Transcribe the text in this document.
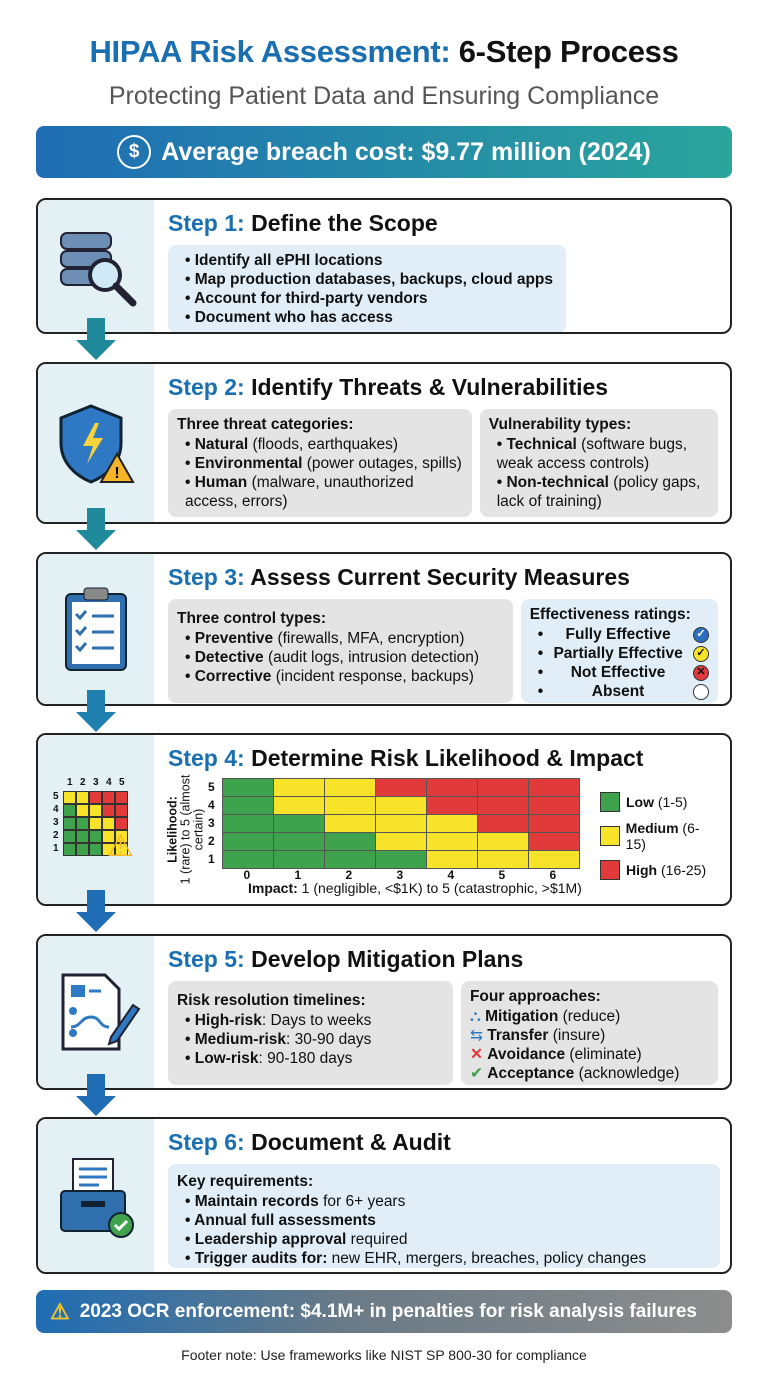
HIPAA Risk Assessment: 6-Step Process
Protecting Patient Data and Ensuring Compliance
$ Average breach cost: $9.77 million (2024)
Step 1: Define the Scope
• Identify all ePHI locations
• Map production databases, backups, cloud apps
• Account for third-party vendors
• Document who has access
!
Step 2: Identify Threats & Vulnerabilities
Three threat categories:
• Natural (floods, earthquakes)
• Environmental (power outages, spills)
• Human (malware, unauthorized access, errors)
Vulnerability types:
• Technical (software bugs, weak access controls)
• Non-technical (policy gaps, lack of training)
Step 3: Assess Current Security Measures
Three control types:
• Preventive (firewalls, MFA, encryption)
• Detective (audit logs, intrusion detection)
• Corrective (incident response, backups)
Effectiveness ratings:
• Fully Effective	✓
• Partially Effective	✓
• Not Effective	✕
• Absent
1 2 3 4 5
5
4
3
2
1 ⚠
Step 4: Determine Risk Likelihood & Impact
Likelihood:
1 (rare) to 5 (almost certain)
Impact: 1 (negligible, <$1K) to 5 (catastrophic, >$1M)
Low (1-5)
Medium (6-15)
High (16-25)
5
4
3
2
1
0	1	2	3	4	5	6
Step 5: Develop Mitigation Plans
Risk resolution timelines:
• High-risk: Days to weeks
• Medium-risk: 30-90 days
• Low-risk: 90-180 days
Four approaches:
⛬ Mitigation (reduce)
⇆ Transfer (insure)
✕ Avoidance (eliminate)
✔ Acceptance (acknowledge)
Step 6: Document & Audit
Key requirements:
• Maintain records for 6+ years
• Annual full assessments
• Leadership approval required
• Trigger audits for: new EHR, mergers, breaches, policy changes
⚠ 2023 OCR enforcement: $4.1M+ in penalties for risk analysis failures
Footer note: Use frameworks like NIST SP 800-30 for compliance
